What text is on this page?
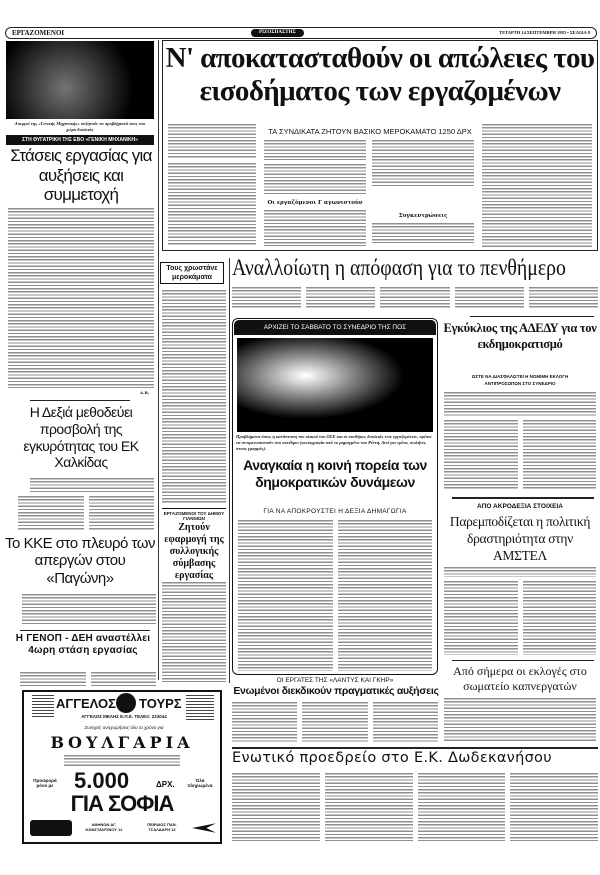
ΕΡΓΑΖΟΜΕΝΟΙ	ΡΙΖΟΣΠΑΣΤΗΣ	ΤΕΤΑΡΤΗ 14 ΣΕΠΤΕΜΒΡΗ 1983 • ΣΕΛΙΔΑ 8
Απεργοί της «Γενικής Μηχανικής» συζητούν τα προβλήματά τους στο χώρο δουλειάς
ΣΤΗ ΘΥΓΑΤΡΙΚΗ ΤΗΣ ΕΒΟ «ΓΕΝΙΚΗ ΜΗΧΑΝΙΚΗ»
Στάσεις εργασίας για αυξήσεις και συμμετοχή
Δ.Β.
Η Δεξιά μεθοδεύει προσβολή της εγκυρότητας του ΕΚ Χαλκίδας
Το ΚΚΕ στο πλευρό των απεργών στου «Παγώνη»
Η ΓΕΝΟΠ - ΔΕΗ αναστέλλει 4ωρη στάση εργασίας
ΑΓΓΕΛΟΣ ΤΟΥΡΣ
ΑΓΓΕΛΟΣ ΜΕΛΗΣ Ε.Π.Ε. ΤΕΛΕΞ: 223044
Συνεχείς αναχωρήσεις όλο το χρόνο για
ΒΟΥΛΓΑΡΙΑ
Προσφορά μόνο με 5.000	ΔΡΧ.	Όλα πληρωμένα
ΓΙΑ ΣΟΦΙΑ
ΑΘΗΝΩΝ ΑΓ. ΚΩΝΣΤΑΝΤΙΝΟΥ 12
ΠΕΙΡΑΙΩΣ ΠΑΝ. ΤΣΑΛΔΑΡΗ 12
Ν' αποκατασταθούν οι απώλειες του εισοδήματος των εργαζομένων
ΤΑ ΣΥΝΔΙΚΑΤΑ ΖΗΤΟΥΝ ΒΑΣΙΚΟ ΜΕΡΟΚΑΜΑΤΟ 1250 ΔΡΧ
Οι εργαζόμενοι Γ αγωνιστούν
Συγκεντρώσεις
Τους χρωστάνε μεροκάματα
ΕΡΓΑΖΟΜΕΝΟΙ ΤΟΥ ΔΗΜΟΥ ΓΙΑΝΝΙΩΝ
Ζητούν εφαρμογή της συλλογικής σύμβασης εργασίας
Αναλλοίωτη η απόφαση για το πενθήμερο
ΑΡΧΙΖΕΙ ΤΟ ΣΑΒΒΑΤΟ ΤΟ ΣΥΝΕΔΡΙΟ ΤΗΣ ΠΟΣ
Προβλήματα όπως η κατάσταση του υλικού του ΟΣΕ και οι συνθήκες δουλειάς των εργαζομένων, πρέπει να αντιμετωπιστούν στο συνέδριο (φωτογραφία από το ρημαγμένο του Ρέντη. Αντί για τρένα, σωλήνες στους γραμμές).
Αναγκαία η κοινή πορεία των δημοκρατικών δυνάμεων
ΓΙΑ ΝΑ ΑΠΟΚΡΟΥΣΤΕΙ Η ΔΕΞΙΑ ΔΗΜΑΓΩΓΙΑ
Εγκύκλιος της ΑΔΕΔΥ για τον εκδημοκρατισμό
ΩΣΤΕ ΝΑ ΔΙΑΣΦΑΛΙΣΤΕΙ Η ΝΟΜΙΜΗ ΕΚΛΟΓΗ ΑΝΤΙΠΡΟΣΩΠΩΝ ΣΤΟ ΣΥΝΕΔΡΙΟ
ΑΠΟ ΑΚΡΟΔΕΞΙΑ ΣΤΟΙΧΕΙΑ
Παρεμποδίζεται η πολιτική δραστηριότητα στην ΑΜΣΤΕΛ
Από σήμερα οι εκλογές στο σωματείο καπνεργατών
ΟΙ ΕΡΓΑΤΕΣ ΤΗΣ «ΛΑΝΤΥΣ ΚΑΙ ΓΚΗΡ»
Ενωμένοι διεκδικούν πραγματικές αυξήσεις
Ενωτικό προεδρείο στο Ε.Κ. Δωδεκανήσου
